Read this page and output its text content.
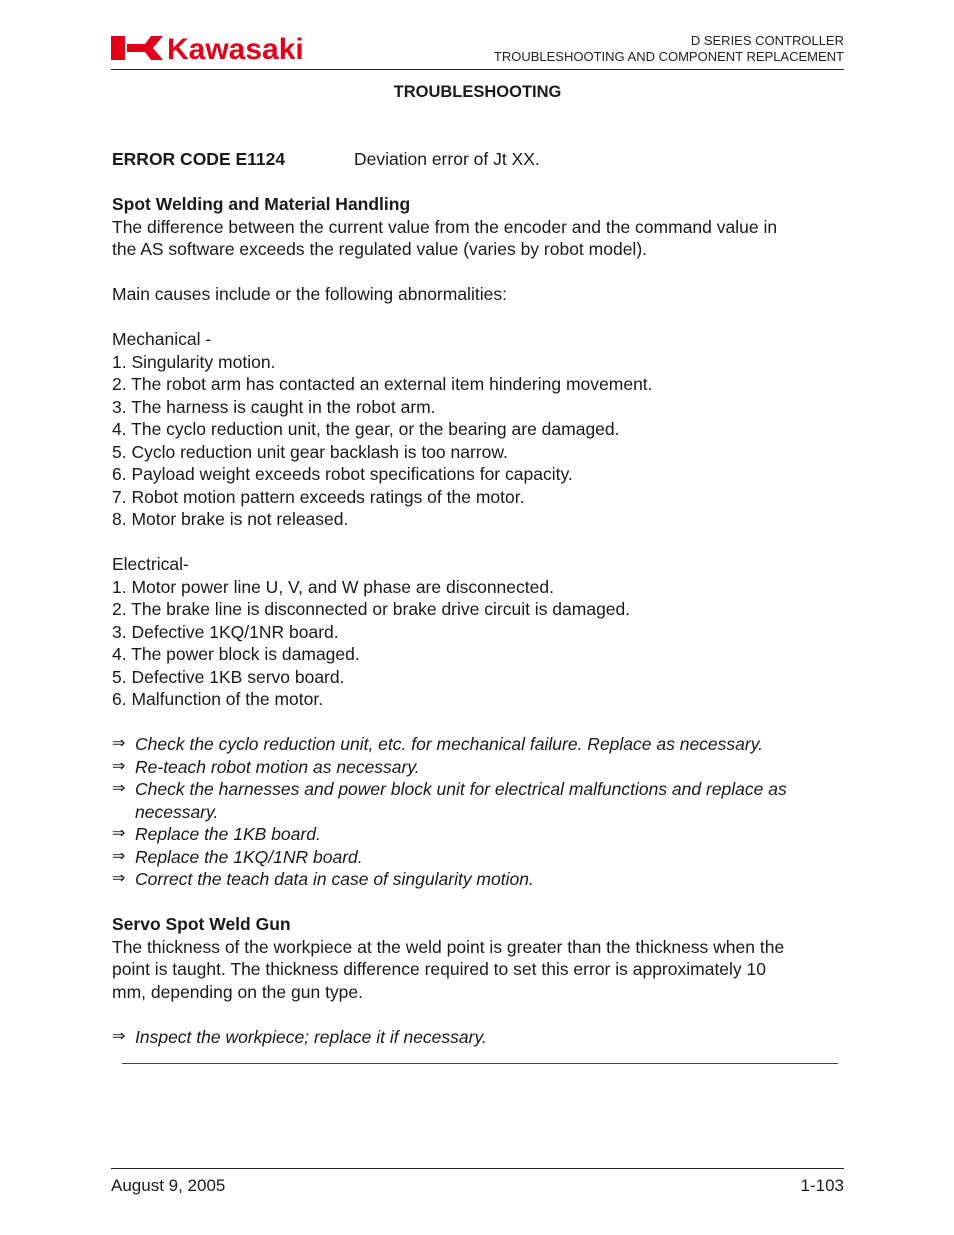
Kawasaki	D SERIES CONTROLLER
TROUBLESHOOTING AND COMPONENT REPLACEMENT
TROUBLESHOOTING

ERROR CODE E1124	Deviation error of Jt XX.

Spot Welding and Material Handling

The difference between the current value from the encoder and the command value in

the AS software exceeds the regulated value (varies by robot model).

Main causes include or the following abnormalities:

Mechanical -

1. Singularity motion.

2. The robot arm has contacted an external item hindering movement.

3. The harness is caught in the robot arm.

4. The cyclo reduction unit, the gear, or the bearing are damaged.

5. Cyclo reduction unit gear backlash is too narrow.

6. Payload weight exceeds robot specifications for capacity.

7. Robot motion pattern exceeds ratings of the motor.

8. Motor brake is not released.

Electrical-

1. Motor power line U, V, and W phase are disconnected.

2. The brake line is disconnected or brake drive circuit is damaged.

3. Defective 1KQ/1NR board.

4. The power block is damaged.

5. Defective 1KB servo board.

6. Malfunction of the motor.

⇒ Check the cyclo reduction unit, etc. for mechanical failure. Replace as necessary.

⇒ Re-teach robot motion as necessary.

⇒ Check the harnesses and power block unit for electrical malfunctions and replace as necessary.

⇒ Replace the 1KB board.

⇒ Replace the 1KQ/1NR board.

⇒ Correct the teach data in case of singularity motion.

Servo Spot Weld Gun

The thickness of the workpiece at the weld point is greater than the thickness when the

point is taught. The thickness difference required to set this error is approximately 10

mm, depending on the gun type.

⇒ Inspect the workpiece; replace it if necessary.

August 9, 2005	1-103
